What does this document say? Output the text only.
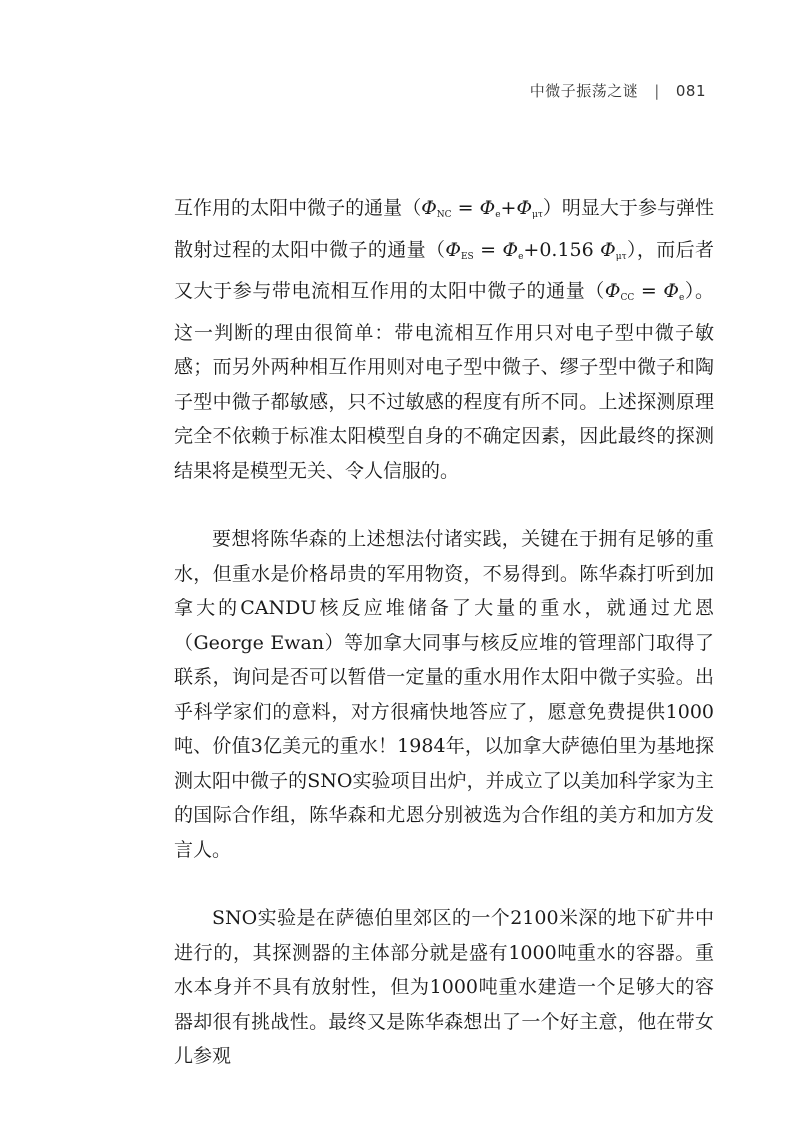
中微子振荡之谜 | 081

互作用的太阳中微子的通量$(\Phi_{NC} = \Phi_e+\Phi_{\mu\tau})$明显大于参与弹性散射过程的太阳中微子的通量（$\Phi_{ES} = \Phi_e+0.156$ $\Phi_{\mu\tau}$），而后者又大于参与带电流相互作用的太阳中微子的通量$(\Phi_{CC} = \Phi_e)$。这一判断的理由很简单：带电流相互作用只对电子型中微子敏感；而另外两种相互作用则对电子型中微子、缪子型中微子和陶子型中微子都敏感，只不过敏感的程度有所不同。上述探测原理完全不依赖于标准太阳模型自身的不确定因素，因此最终的探测结果将是模型无关、令人信服的。

要想将陈华森的上述想法付诸实践，关键在于拥有足够的重水，但重水是价格昂贵的军用物资，不易得到。陈华森打听到加拿大的CANDU核反应堆储备了大量的重水，就通过尤恩（George Ewan）等加拿大同事与核反应堆的管理部门取得了联系，询问是否可以暂借一定量的重水用作太阳中微子实验。出乎科学家们的意料，对方很痛快地答应了，愿意免费提供1000吨、价值3亿美元的重水！1984年，以加拿大萨德伯里为基地探测太阳中微子的SNO实验项目出炉，并成立了以美加科学家为主的国际合作组，陈华森和尤恩分别被选为合作组的美方和加方发言人。

SNO实验是在萨德伯里郊区的一个2100米深的地下矿井中进行的，其探测器的主体部分就是盛有1000吨重水的容器。重水本身并不具有放射性，但为1000吨重水建造一个足够大的容器却很有挑战性。最终又是陈华森想出了一个好主意，他在带女儿参观
